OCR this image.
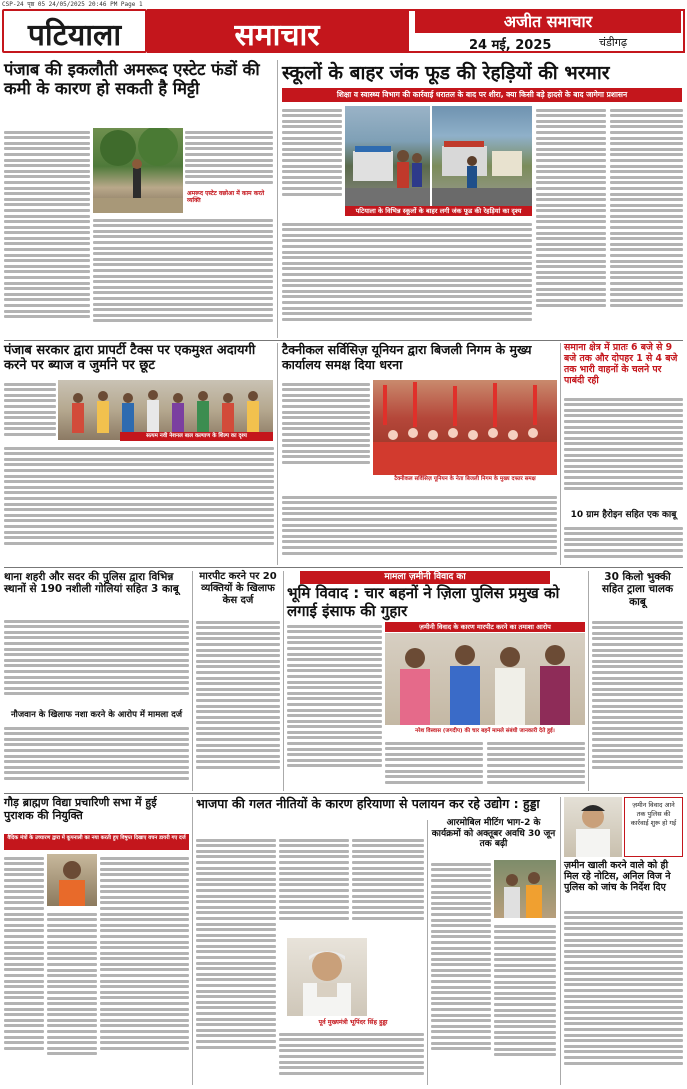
CSP-24 पृष्ठ 05 24/05/2025 20:46 PM Page 1
पटियाला	समाचार	अजीत समाचार
24 मई, 2025	चंडीगढ़
पंजाब की इकलौती अमरूद एस्टेट फंडों की कमी के कारण हो सकती है मिट्टी
अमरूद एस्टेट वछोआ में काम करते व्यक्ति
स्कूलों के बाहर जंक फूड की रेहड़ियों की भरमार
शिक्षा व स्वास्थ्य विभाग की कार्रवाई धरातल के बाद पर शीरा, क्या किसी बड़े हादसे के बाद जागेगा प्रशासन
पटियाला के विभिन्न स्कूलों के बाहर लगी जंक फूड की रेहड़ियां का दृश्य
पंजाब सरकार द्वारा प्रापर्टी टैक्स पर एकमुश्त अदायगी करने पर ब्याज व जुर्माने पर छूट
सत्यम नवी नेशनल बाल कल्याण के शिल्प का दृश्य
टैक्नीकल सर्विसिज़ यूनियन द्वारा बिजली निगम के मुख्य कार्यालय समक्ष दिया धरना
टैक्नीकल सर्विसिज़ यूनियन के नेता बिजली निगम के मुख्य दफ्तर समक्ष
समाना क्षेत्र में प्रातः 6 बजे से 9 बजे तक और दोपहर 1 से 4 बजे तक भारी वाहनों के चलने पर पाबंदी रही
10 ग्राम हैरोइन सहित एक काबू
थाना शहरी और सदर की पुलिस द्वारा विभिन्न स्थानों से 190 नशीली गोलियां सहित 3 काबू
नौजवान के खिलाफ नशा करने के आरोप में मामला दर्ज
मारपीट करने पर 20 व्यक्तियों के खिलाफ केस दर्ज
मामला ज़मीनी विवाद का
भूमि विवाद : चार बहनों ने ज़िला पुलिस प्रमुख को लगाई इंसाफ की गुहार
ज़मीनी विवाद के कारण मारपीट करने का तमाशा आरोप
नरेश विस्वास (जगदीप) की चार बहनें मामले संबंधी जानकारी देते हुई।
30 किलो भुक्की सहित ट्राला चालक काबू
गौड़ ब्राह्मण विद्या प्रचारिणी सभा में हुई पुराशक की नियुक्ति
वैदिक मंत्रों के उच्चारण द्वारा में कूपनाली का नया करती हुए विषुप्त दिखाए वचन डायरी गए दर्ज
भाजपा की गलत नीतियों के कारण हरियाणा से पलायन कर रहे उद्योग : हुड्डा
पूर्व मुख्यमंत्री भूपिंदर सिंह हुड्डा
आरमोबिल मीटिंग भाग-2 के कार्यक्रमों को अक्तूबर अवधि 30 जून तक बढ़ी
ज़मीन विवाद आने तक पुलिस की कार्रवाई शुरू हो गई
ज़मीन खाली करने वाले को ही मिल रहे नोटिस, अनिल विज ने पुलिस को जांच के निर्देश दिए
